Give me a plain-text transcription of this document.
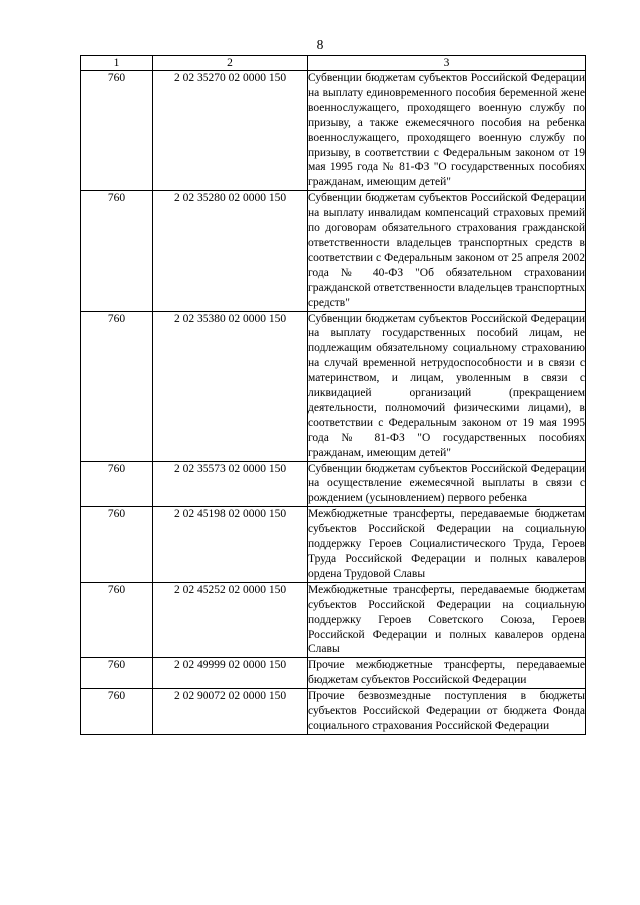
8
1	2	3
760	2 02 35270 02 0000 150	Субвенции бюджетам субъектов Российской Федерации на выплату единовременного пособия беременной жене военнослужащего, проходящего военную службу по призыву, а также ежемесячного пособия на ребенка военнослужащего, проходящего военную службу по призыву, в соответствии с Федеральным законом от 19 мая 1995 года № 81-ФЗ "О государственных пособиях гражданам, имеющим детей"
760	2 02 35280 02 0000 150	Субвенции бюджетам субъектов Российской Федерации на выплату инвалидам компенсаций страховых премий по договорам обязательного страхования гражданской ответственности владельцев транспортных средств в соответствии с Федеральным законом от 25 апреля 2002 года № 40-ФЗ "Об обязательном страховании гражданской ответственности владельцев транспортных средств"
760	2 02 35380 02 0000 150	Субвенции бюджетам субъектов Российской Федерации на выплату государственных пособий лицам, не подлежащим обязательному социальному страхованию на случай временной нетрудоспособности и в связи с материнством, и лицам, уволенным в связи с ликвидацией организаций (прекращением деятельности, полномочий физическими лицами), в соответствии с Федеральным законом от 19 мая 1995 года № 81-ФЗ "О государственных пособиях гражданам, имеющим детей"
760	2 02 35573 02 0000 150	Субвенции бюджетам субъектов Российской Федерации на осуществление ежемесячной выплаты в связи с рождением (усыновлением) первого ребенка
760	2 02 45198 02 0000 150	Межбюджетные трансферты, передаваемые бюджетам субъектов Российской Федерации на социальную поддержку Героев Социалистического Труда, Героев Труда Российской Федерации и полных кавалеров ордена Трудовой Славы
760	2 02 45252 02 0000 150	Межбюджетные трансферты, передаваемые бюджетам субъектов Российской Федерации на социальную поддержку Героев Советского Союза, Героев Российской Федерации и полных кавалеров ордена Славы
760	2 02 49999 02 0000 150	Прочие межбюджетные трансферты, передаваемые бюджетам субъектов Российской Федерации
760	2 02 90072 02 0000 150	Прочие безвозмездные поступления в бюджеты субъектов Российской Федерации от бюджета Фонда социального страхования Российской Федерации
